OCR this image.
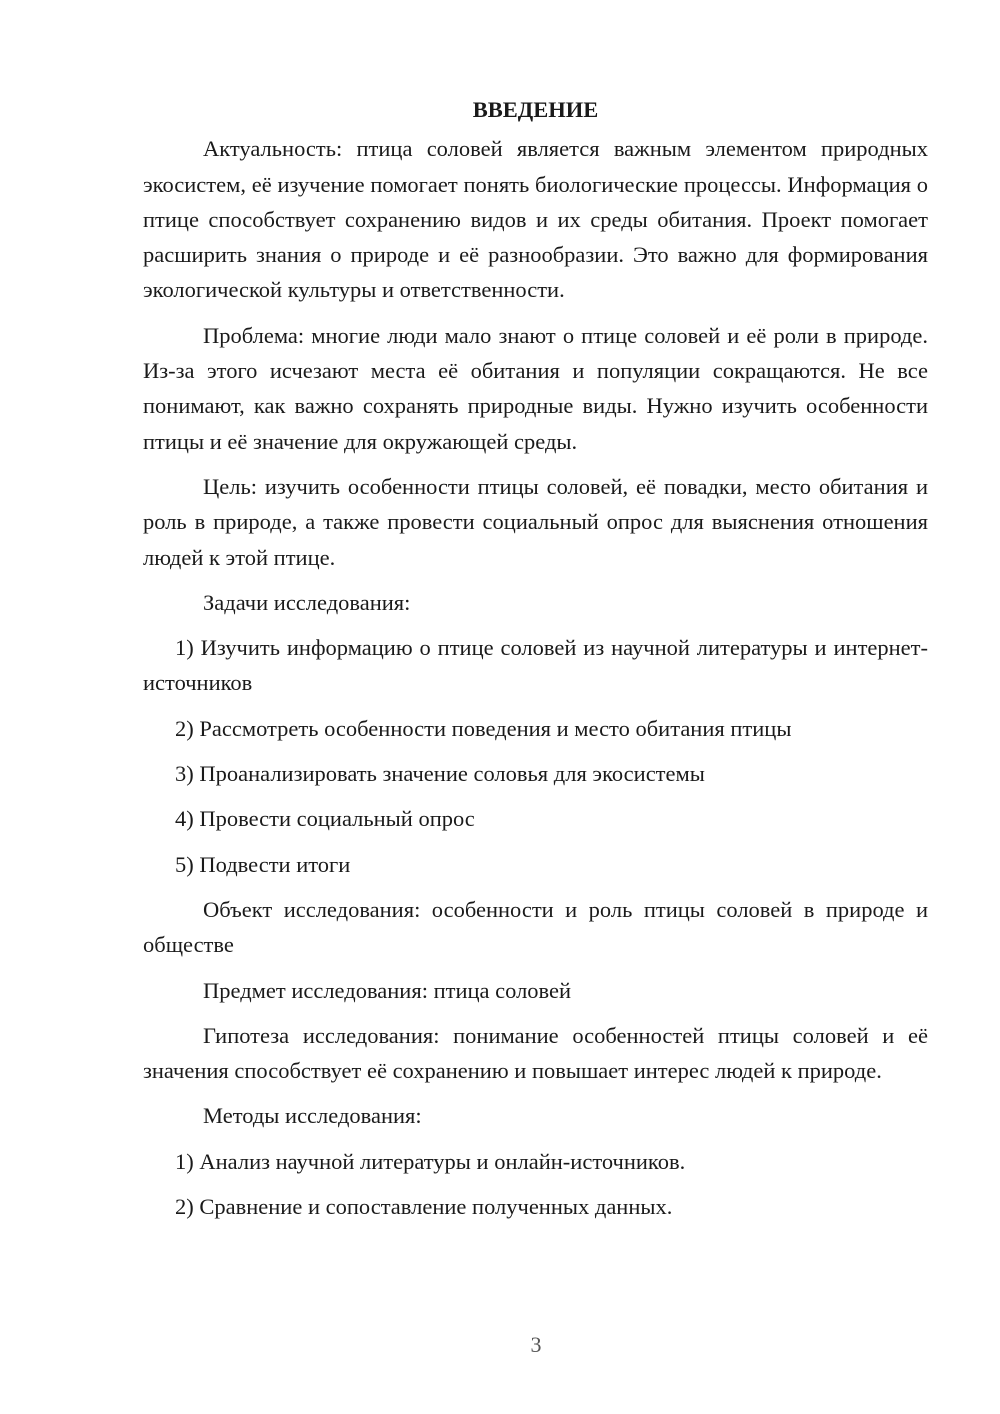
ВВЕДЕНИЕ

Актуальность: птица соловей является важным элементом природных экосистем, её изучение помогает понять биологические процессы. Информация о птице способствует сохранению видов и их среды обитания. Проект помогает расширить знания о природе и её разнообразии. Это важно для формирования экологической культуры и ответственности.

Проблема: многие люди мало знают о птице соловей и её роли в природе. Из-за этого исчезают места её обитания и популяции сокращаются. Не все понимают, как важно сохранять природные виды. Нужно изучить особенности птицы и её значение для окружающей среды.

Цель: изучить особенности птицы соловей, её повадки, место обитания и роль в природе, а также провести социальный опрос для выяснения отношения людей к этой птице.

Задачи исследования:

1) Изучить информацию о птице соловей из научной литературы и интернет-источников

2) Рассмотреть особенности поведения и место обитания птицы

3) Проанализировать значение соловья для экосистемы

4) Провести социальный опрос

5) Подвести итоги

Объект исследования: особенности и роль птицы соловей в природе и обществе

Предмет исследования: птица соловей

Гипотеза исследования: понимание особенностей птицы соловей и её значения способствует её сохранению и повышает интерес людей к природе.

Методы исследования:

1) Анализ научной литературы и онлайн-источников.

2) Сравнение и сопоставление полученных данных.

3
